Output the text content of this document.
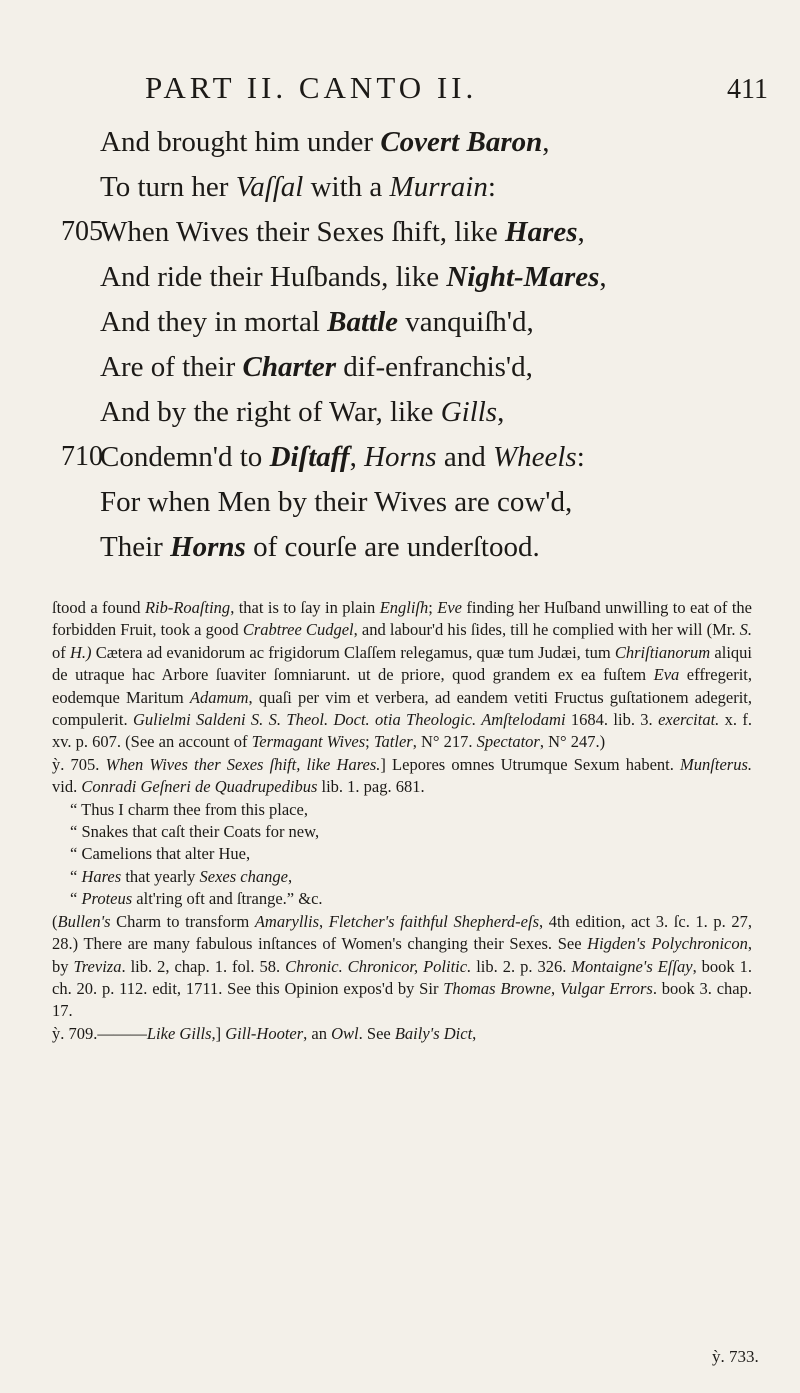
PART II. CANTO II.	411
And brought him under Covert Baron,
To turn her Vaſſal with a Murrain:
705
When Wives their Sexes ſhift, like Hares,
And ride their Huſbands, like Night-Mares,
And they in mortal Battle vanquiſh'd,
Are of their Charter dif-enfranchis'd,
And by the right of War, like Gills,
710
Condemn'd to Diſtaff, Horns and Wheels:
For when Men by their Wives are cow'd,
Their Horns of courſe are underſtood.

ſtood a found Rib-Roaſting, that is to ſay in plain Engliſh; Eve finding her Huſband unwilling to eat of the forbidden Fruit, took a good Crabtree Cudgel, and labour'd his ſides, till he complied with her will (Mr. S. of H.) Cætera ad evanidorum ac frigidorum Claſſem relegamus, quæ tum Judæi, tum Chriſtianorum aliqui de utraque hac Arbore ſuaviter ſomniarunt. ut de priore, quod grandem ex ea fuſtem Eva effregerit, eodemque Maritum Adamum, quaſi per vim et verbera, ad eandem vetiti Fructus guſtationem adegerit, compulerit. Gulielmi Saldeni S. S. Theol. Doct. otia Theologic. Amſtelodami 1684. lib. 3. exercitat. x. f. xv. p. 607. (See an account of Termagant Wives; Tatler, N° 217. Spectator, N° 247.)

ỳ. 705. When Wives ther Sexes ſhift, like Hares.] Lepores omnes Utrumque Sexum habent. Munſterus. vid. Conradi Geſneri de Quadrupedibus lib. 1. pag. 681.

“ Thus I charm thee from this place,

“ Snakes that caſt their Coats for new,

“ Camelions that alter Hue,

“ Hares that yearly Sexes change,

“ Proteus alt'ring oft and ſtrange.” &c.

(Bullen's Charm to transform Amaryllis, Fletcher's faithful Shepherd-eſs, 4th edition, act 3. ſc. 1. p. 27, 28.) There are many fabulous inſtances of Women's changing their Sexes. See Higden's Polychronicon, by Treviza. lib. 2, chap. 1. fol. 58. Chronic. Chronicor, Politic. lib. 2. p. 326. Montaigne's Eſſay, book 1. ch. 20. p. 112. edit, 1711. See this Opinion expos'd by Sir Thomas Browne, Vulgar Errors. book 3. chap. 17.

ỳ. 709.———Like Gills,] Gill-Hooter, an Owl. See Baily's Dict,

ỳ. 733.
